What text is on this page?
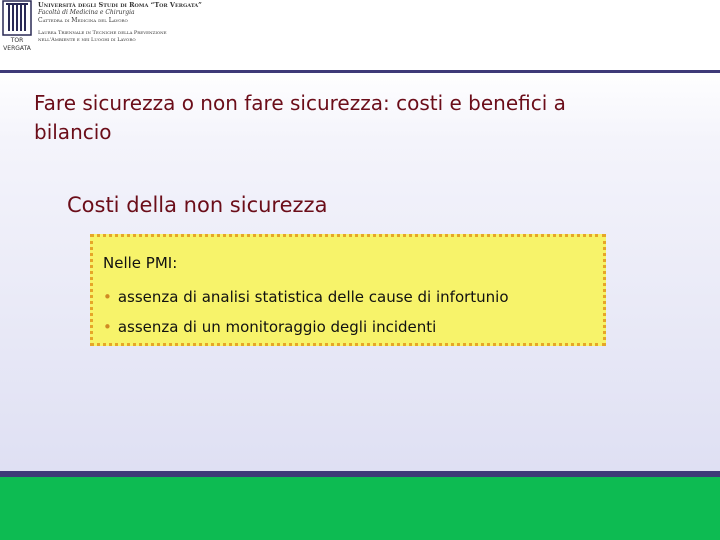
TOR VERGATA
Università degli Studi di Roma “Tor Vergata”
Facoltà di Medicina e Chirurgia
Cattedra di Medicina del Lavoro
Laurea Triennale in Tecniche della Prevenzione
nell'Ambiente e nei Luoghi di Lavoro
Fare sicurezza o non fare sicurezza: costi e benefici a bilancio
Costi della non sicurezza
Nelle PMI:
• assenza di analisi statistica delle cause di infortunio
• assenza di un monitoraggio degli incidenti
